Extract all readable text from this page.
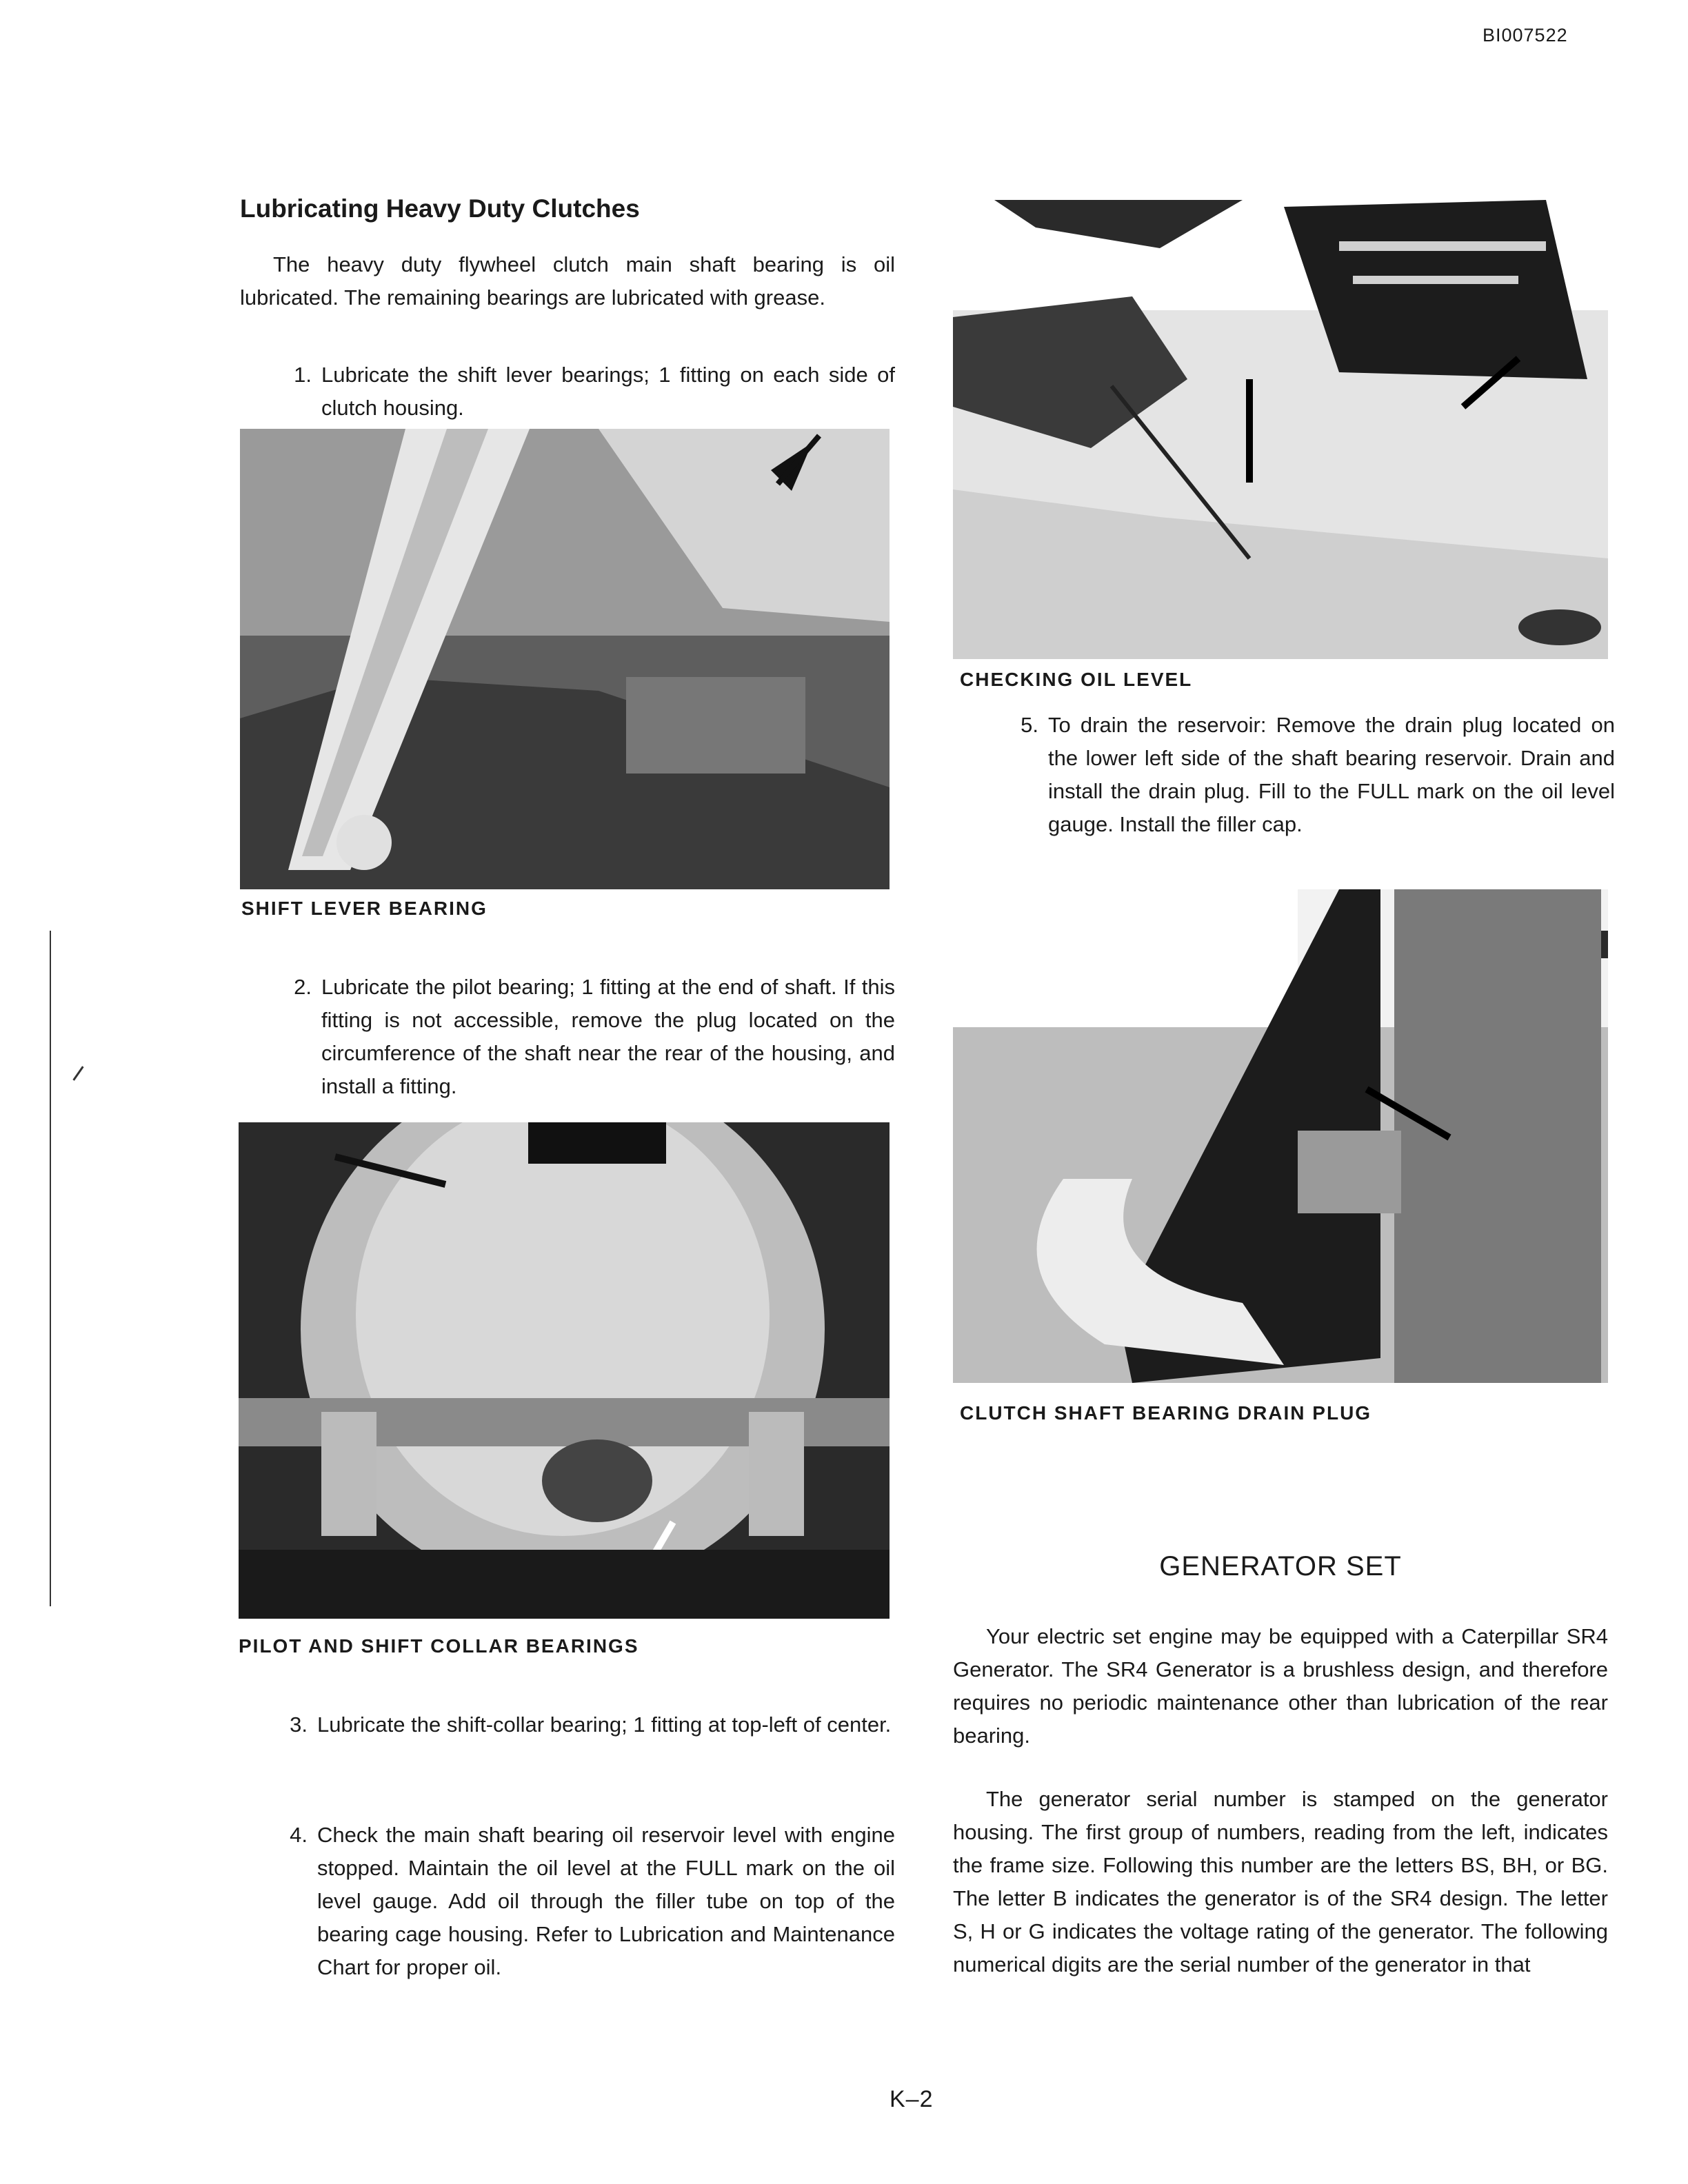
BI007522
Lubricating Heavy Duty Clutches
The heavy duty flywheel clutch main shaft bearing is oil lubricated. The remaining bearings are lubricated with grease.
1. Lubricate the shift lever bearings; 1 fitting on each side of clutch housing.
SHIFT LEVER BEARING
2. Lubricate the pilot bearing; 1 fitting at the end of shaft. If this fitting is not accessible, remove the plug located on the circumference of the shaft near the rear of the housing, and install a fitting.
PILOT AND SHIFT COLLAR BEARINGS
3. Lubricate the shift-collar bearing; 1 fitting at top-left of center.
4. Check the main shaft bearing oil reservoir level with engine stopped. Maintain the oil level at the FULL mark on the oil level gauge. Add oil through the filler tube on top of the bearing cage housing. Refer to Lubrication and Maintenance Chart for proper oil.
CHECKING OIL LEVEL
5. To drain the reservoir: Remove the drain plug located on the lower left side of the shaft bearing reservoir. Drain and install the drain plug. Fill to the FULL mark on the oil level gauge. Install the filler cap.
CLUTCH SHAFT BEARING DRAIN PLUG
GENERATOR SET
Your electric set engine may be equipped with a Caterpillar SR4 Generator. The SR4 Generator is a brushless design, and therefore requires no periodic maintenance other than lubrication of the rear bearing.
The generator serial number is stamped on the generator housing. The first group of numbers, reading from the left, indicates the frame size. Following this number are the letters BS, BH, or BG. The letter B indicates the generator is of the SR4 design. The letter S, H or G indicates the voltage rating of the generator. The following numerical digits are the serial number of the generator in that
K–2
